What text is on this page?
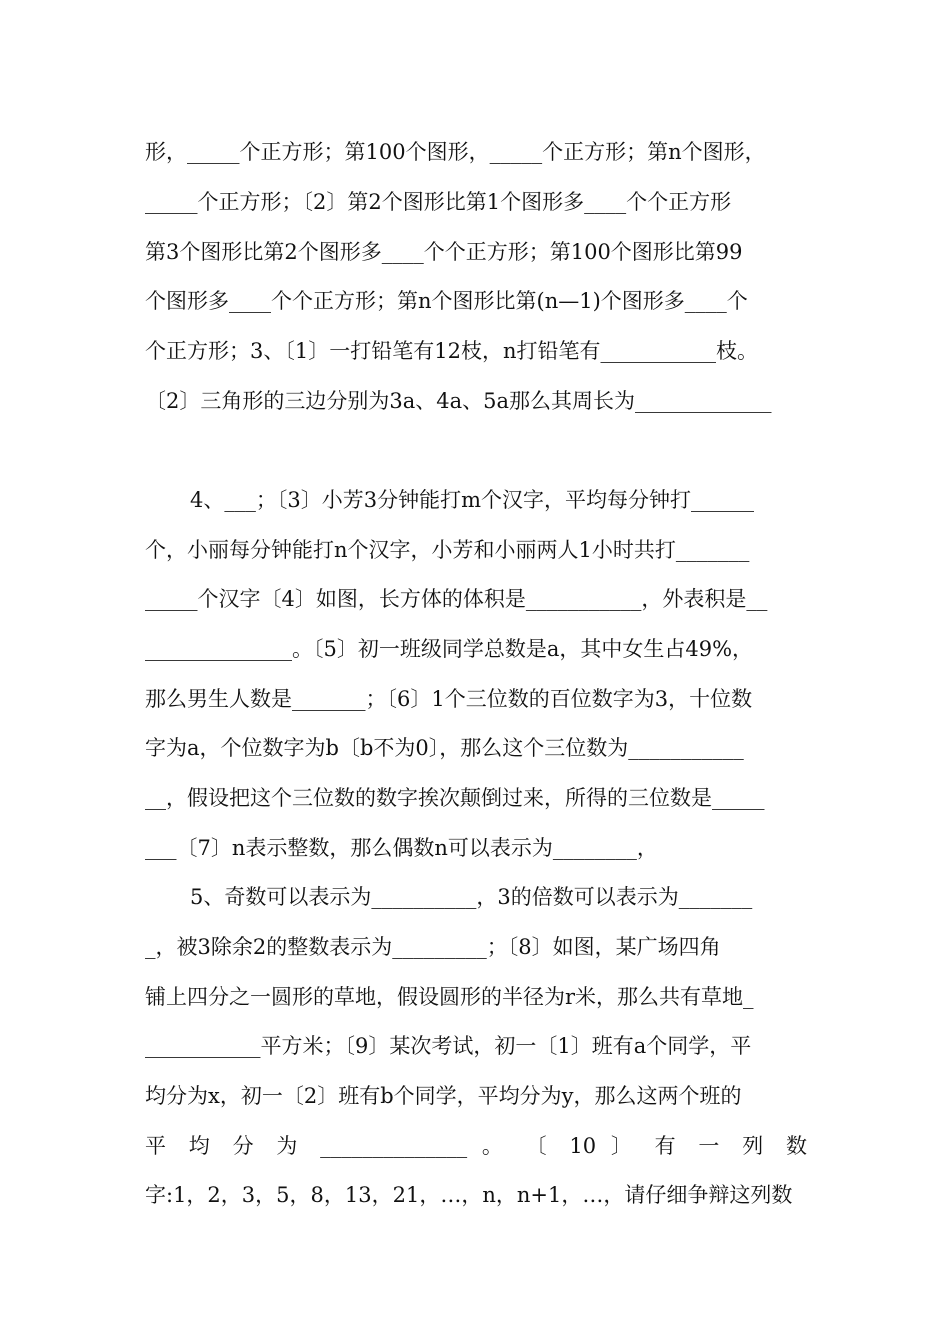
形，_____个正方形；第100个图形，_____个正方形；第n个图形，
_____个正方形；〔2〕第2个图形比第1个图形多____个个正方形
第3个图形比第2个图形多____个个正方形；第100个图形比第99
个图形多____个个正方形；第n个图形比第(n—1)个图形多____个
个正方形；3、〔1〕一打铅笔有12枝，n打铅笔有___________枝。
〔2〕三角形的三边分别为3a、4a、5a那么其周长为_____________
4、___；〔3〕小芳3分钟能打m个汉字，平均每分钟打______
个，小丽每分钟能打n个汉字，小芳和小丽两人1小时共打_______
_____个汉字〔4〕如图，长方体的体积是___________，外表积是__
______________。〔5〕初一班级同学总数是a，其中女生占49%，
那么男生人数是_______；〔6〕1个三位数的百位数字为3，十位数
字为a，个位数字为b〔b不为0〕，那么这个三位数为___________
__，假设把这个三位数的数字挨次颠倒过来，所得的三位数是_____
___〔7〕n表示整数，那么偶数n可以表示为________，
5、奇数可以表示为__________，3的倍数可以表示为_______
_，被3除余2的整数表示为_________；〔8〕如图，某广场四角
铺上四分之一圆形的草地，假设圆形的半径为r米，那么共有草地_
___________平方米；〔9〕某次考试，初一〔1〕班有a个同学，平
均分为x，初一〔2〕班有b个同学，平均分为y，那么这两个班的
平 均 分 为 ______________ 。 〔 10 〕 有 一 列 数
字:1，2，3，5，8，13，21，…，n，n+1，…，请仔细争辩这列数
